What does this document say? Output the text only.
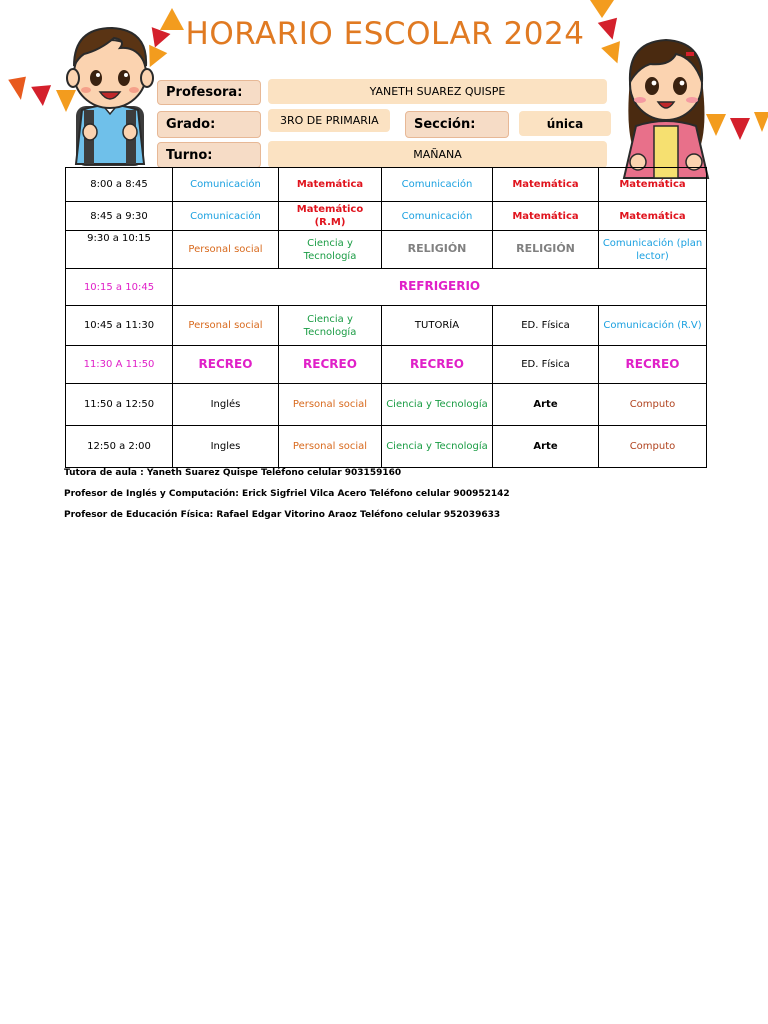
HORARIO ESCOLAR 2024
Profesora:	YANETH SUAREZ QUISPE
Grado:	3RO DE PRIMARIA	Sección:	única
Turno:	MAÑANA
8:00 a 8:45	Comunicación	Matemática	Comunicación	Matemática	Matemática
8:45 a 9:30	Comunicación	Matemático (R.M)	Comunicación	Matemática	Matemática
9:30 a 10:15	Personal social	Ciencia y Tecnología	RELIGIÓN	RELIGIÓN	Comunicación (plan lector)
10:15 a 10:45	REFRIGERIO				
10:45 a 11:30	Personal social	Ciencia y Tecnología	TUTORÍA	ED. Física	Comunicación (R.V)
11:30 A 11:50	RECREO	RECREO	RECREO	ED. Física	RECREO
11:50 a 12:50	Inglés	Personal social	Ciencia y Tecnología	Arte	Computo
12:50 a 2:00	Ingles	Personal social	Ciencia y Tecnología	Arte	Computo
Tutora de aula : Yaneth Suarez Quispe Teléfono celular 903159160
Profesor de Inglés y Computación: Erick Sigfriel Vilca Acero Teléfono celular 900952142
Profesor de Educación Física: Rafael Edgar Vitorino Araoz Teléfono celular 952039633
